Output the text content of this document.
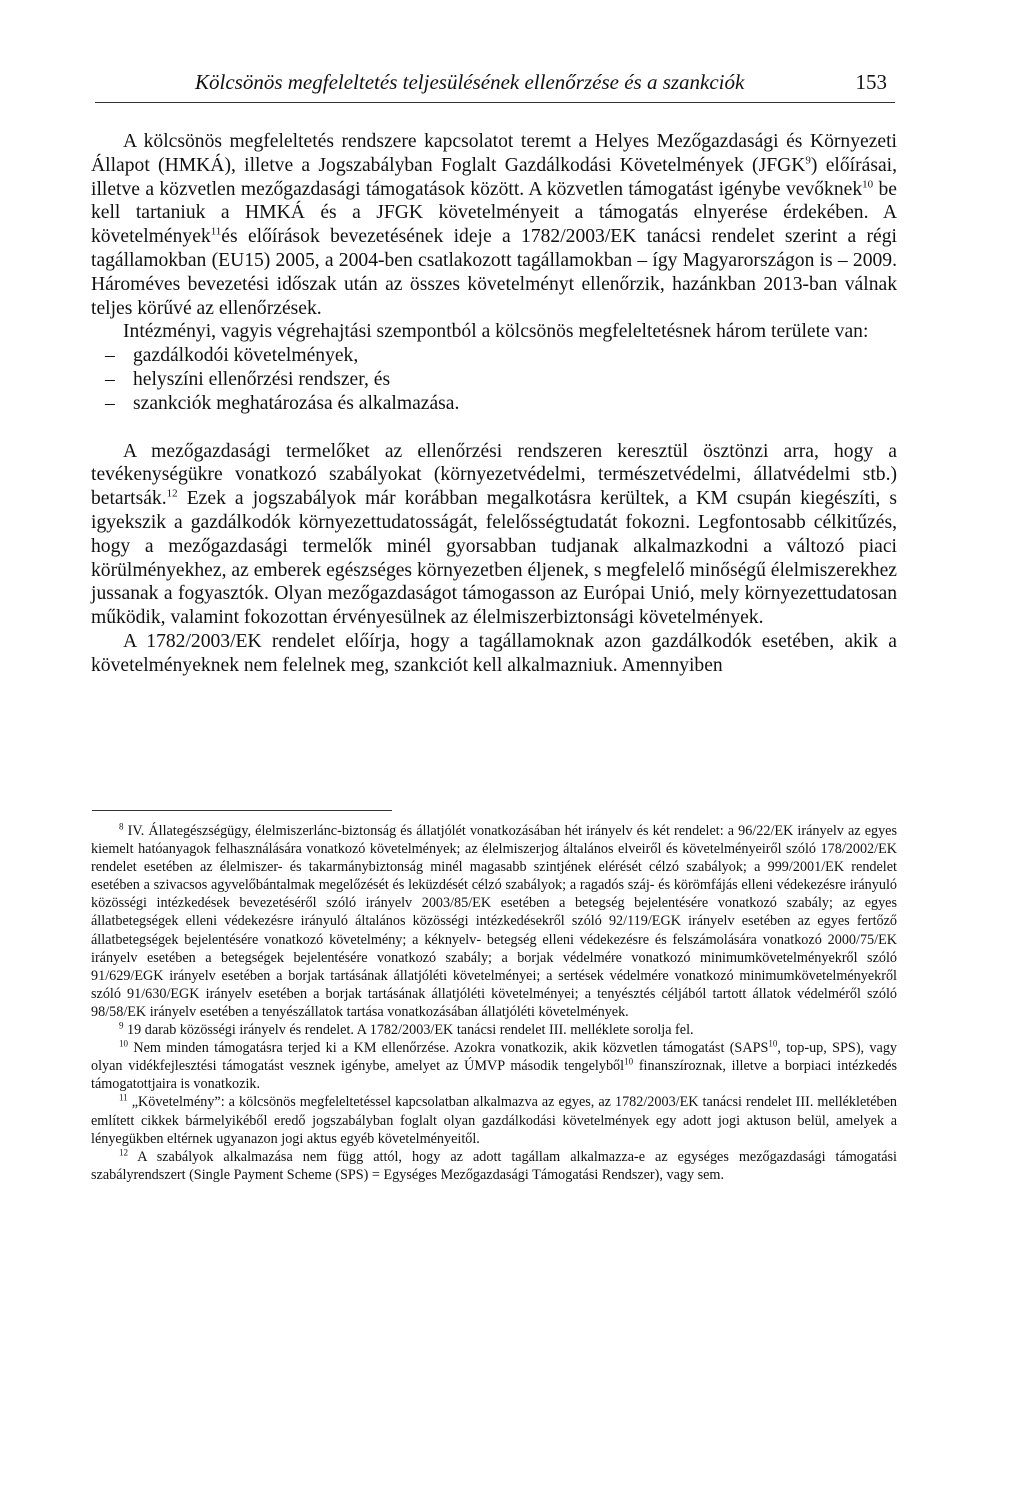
Kölcsönös megfeleltetés teljesülésének ellenőrzése és a szankciók	153

A kölcsönös megfeleltetés rendszere kapcsolatot teremt a Helyes Mezőgazdasági és Környezeti Állapot (HMKÁ), illetve a Jogszabályban Foglalt Gazdálkodási Követelmények (JFGK$^9$) előírásai, illetve a közvetlen mezőgazdasági támogatások között. A közvetlen támogatást igénybe vevőknek$^{10}$ be kell tartaniuk a HMKÁ és a JFGK követelményeit a támogatás elnyerése érdekében. A követelmények$^{11}$és előírások bevezetésének ideje a 1782/2003/EK tanácsi rendelet szerint a régi tagállamokban (EU15) 2005, a 2004-ben csatlakozott tagállamokban – így Magyarországon is – 2009. Hároméves bevezetési időszak után az összes követelményt ellenőrzik, hazánkban 2013-ban válnak teljes körűvé az ellenőrzések.

Intézményi, vagyis végrehajtási szempontból a kölcsönös megfeleltetésnek három területe van:

– gazdálkodói követelmények,
– helyszíni ellenőrzési rendszer, és
– szankciók meghatározása és alkalmazása.

A mezőgazdasági termelőket az ellenőrzési rendszeren keresztül ösztönzi arra, hogy a tevékenységükre vonatkozó szabályokat (környezetvédelmi, természetvédelmi, állatvédelmi stb.) betartsák.$^{12}$ Ezek a jogszabályok már korábban megalkotásra kerültek, a KM csupán kiegészíti, s igyekszik a gazdálkodók környezettudatosságát, felelősségtudatát fokozni. Legfontosabb célkitűzés, hogy a mezőgazdasági termelők minél gyorsabban tudjanak alkalmazkodni a változó piaci körülményekhez, az emberek egészséges környezetben éljenek, s megfelelő minőségű élelmiszerekhez jussanak a fogyasztók. Olyan mezőgazdaságot támogasson az Európai Unió, mely környezettudatosan működik, valamint fokozottan érvényesülnek az élelmiszerbiztonsági követelmények.

A 1782/2003/EK rendelet előírja, hogy a tagállamoknak azon gazdálkodók esetében, akik a követelményeknek nem felelnek meg, szankciót kell alkalmazniuk. Amennyiben

$^8$ IV. Állategészségügy, élelmiszerlánc-biztonság és állatjólét vonatkozásában hét irányelv és két rendelet: a 96/22/EK irányelv az egyes kiemelt hatóanyagok felhasználására vonatkozó követelmények; az élelmiszerjog általános elveiről és követelményeiről szóló 178/2002/EK rendelet esetében az élelmiszer- és takarmánybiztonság minél magasabb szintjének elérését célzó szabályok; a 999/2001/EK rendelet esetében a szivacsos agyvelőbántalmak megelőzését és leküzdését célzó szabályok; a ragadós száj- és körömfájás elleni védekezésre irányuló közösségi intézkedések bevezetéséről szóló irányelv 2003/85/EK esetében a betegség bejelentésére vonatkozó szabály; az egyes állatbetegségek elleni védekezésre irányuló általános közösségi intézkedésekről szóló 92/119/EGK irányelv esetében az egyes fertőző állatbetegségek bejelentésére vonatkozó követelmény; a kéknyelv- betegség elleni védekezésre és felszámolására vonatkozó 2000/75/EK irányelv esetében a betegségek bejelentésére vonatkozó szabály; a borjak védelmére vonatkozó minimumkövetelményekről szóló 91/629/EGK irányelv esetében a borjak tartásának állatjóléti követelményei; a sertések védelmére vonatkozó minimumkövetelményekről szóló 91/630/EGK irányelv esetében a borjak tartásának állatjóléti követelményei; a tenyésztés céljából tartott állatok védelméről szóló 98/58/EK irányelv esetében a tenyészállatok tartása vonatkozásában állatjóléti követelmények.

$^9$ 19 darab közösségi irányelv és rendelet. A 1782/2003/EK tanácsi rendelet III. melléklete sorolja fel.

$^{10}$ Nem minden támogatásra terjed ki a KM ellenőrzése. Azokra vonatkozik, akik közvetlen támogatást (SAPS$^{10}$, top-up, SPS), vagy olyan vidékfejlesztési támogatást vesznek igénybe, amelyet az ÚMVP második tengelyből$^{10}$ finanszíroznak, illetve a borpiaci intézkedés támogatottjaira is vonatkozik.

$^{11}$ „Követelmény”: a kölcsönös megfeleltetéssel kapcsolatban alkalmazva az egyes, az 1782/2003/EK tanácsi rendelet III. mellékletében említett cikkek bármelyikéből eredő jogszabályban foglalt olyan gazdálkodási követelmények egy adott jogi aktuson belül, amelyek a lényegükben eltérnek ugyanazon jogi aktus egyéb követelményeitől.

$^{12}$ A szabályok alkalmazása nem függ attól, hogy az adott tagállam alkalmazza-e az egységes mezőgazdasági támogatási szabályrendszert (Single Payment Scheme (SPS) = Egységes Mezőgazdasági Támogatási Rendszer), vagy sem.
